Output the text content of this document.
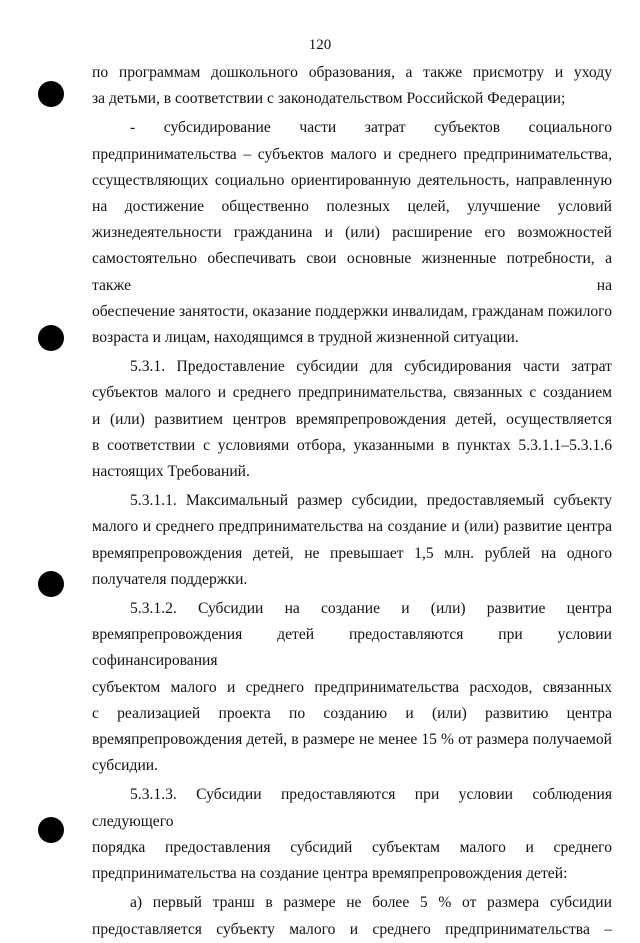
120

по программам дошкольного образования, а также присмотру и уходу

за детьми, в соответствии с законодательством Российской Федерации;

- субсидирование части затрат субъектов социального

предпринимательства – субъектов малого и среднего предпринимательства,

ссуществляющих социально ориентированную деятельность, направленную

на достижение общественно полезных целей, улучшение условий

жизнедеятельности гражданина и (или) расширение его возможностей

самостоятельно обеспечивать свои основные жизненные потребности, а также на

обеспечение занятости, оказание поддержки инвалидам, гражданам пожилого

возраста и лицам, находящимся в трудной жизненной ситуации.

5.3.1. Предоставление субсидии для субсидирования части затрат

субъектов малого и среднего предпринимательства, связанных с созданием

и (или) развитием центров времяпрепровождения детей, осуществляется

в соответствии с условиями отбора, указанными в пунктах 5.3.1.1–5.3.1.6

настоящих Требований.

5.3.1.1. Максимальный размер субсидии, предоставляемый субъекту

малого и среднего предпринимательства на создание и (или) развитие центра

времяпрепровождения детей, не превышает 1,5 млн. рублей на одного

получателя поддержки.

5.3.1.2. Субсидии на создание и (или) развитие центра

времяпрепровождения детей предоставляются при условии софинансирования

субъектом малого и среднего предпринимательства расходов, связанных

с реализацией проекта по созданию и (или) развитию центра

времяпрепровождения детей, в размере не менее 15 % от размера получаемой

субсидии.

5.3.1.3. Субсидии предоставляются при условии соблюдения следующего

порядка предоставления субсидий субъектам малого и среднего

предпринимательства на создание центра времяпрепровождения детей:

а) первый транш в размере не более 5 % от размера субсидии

предоставляется субъекту малого и среднего предпринимательства –
